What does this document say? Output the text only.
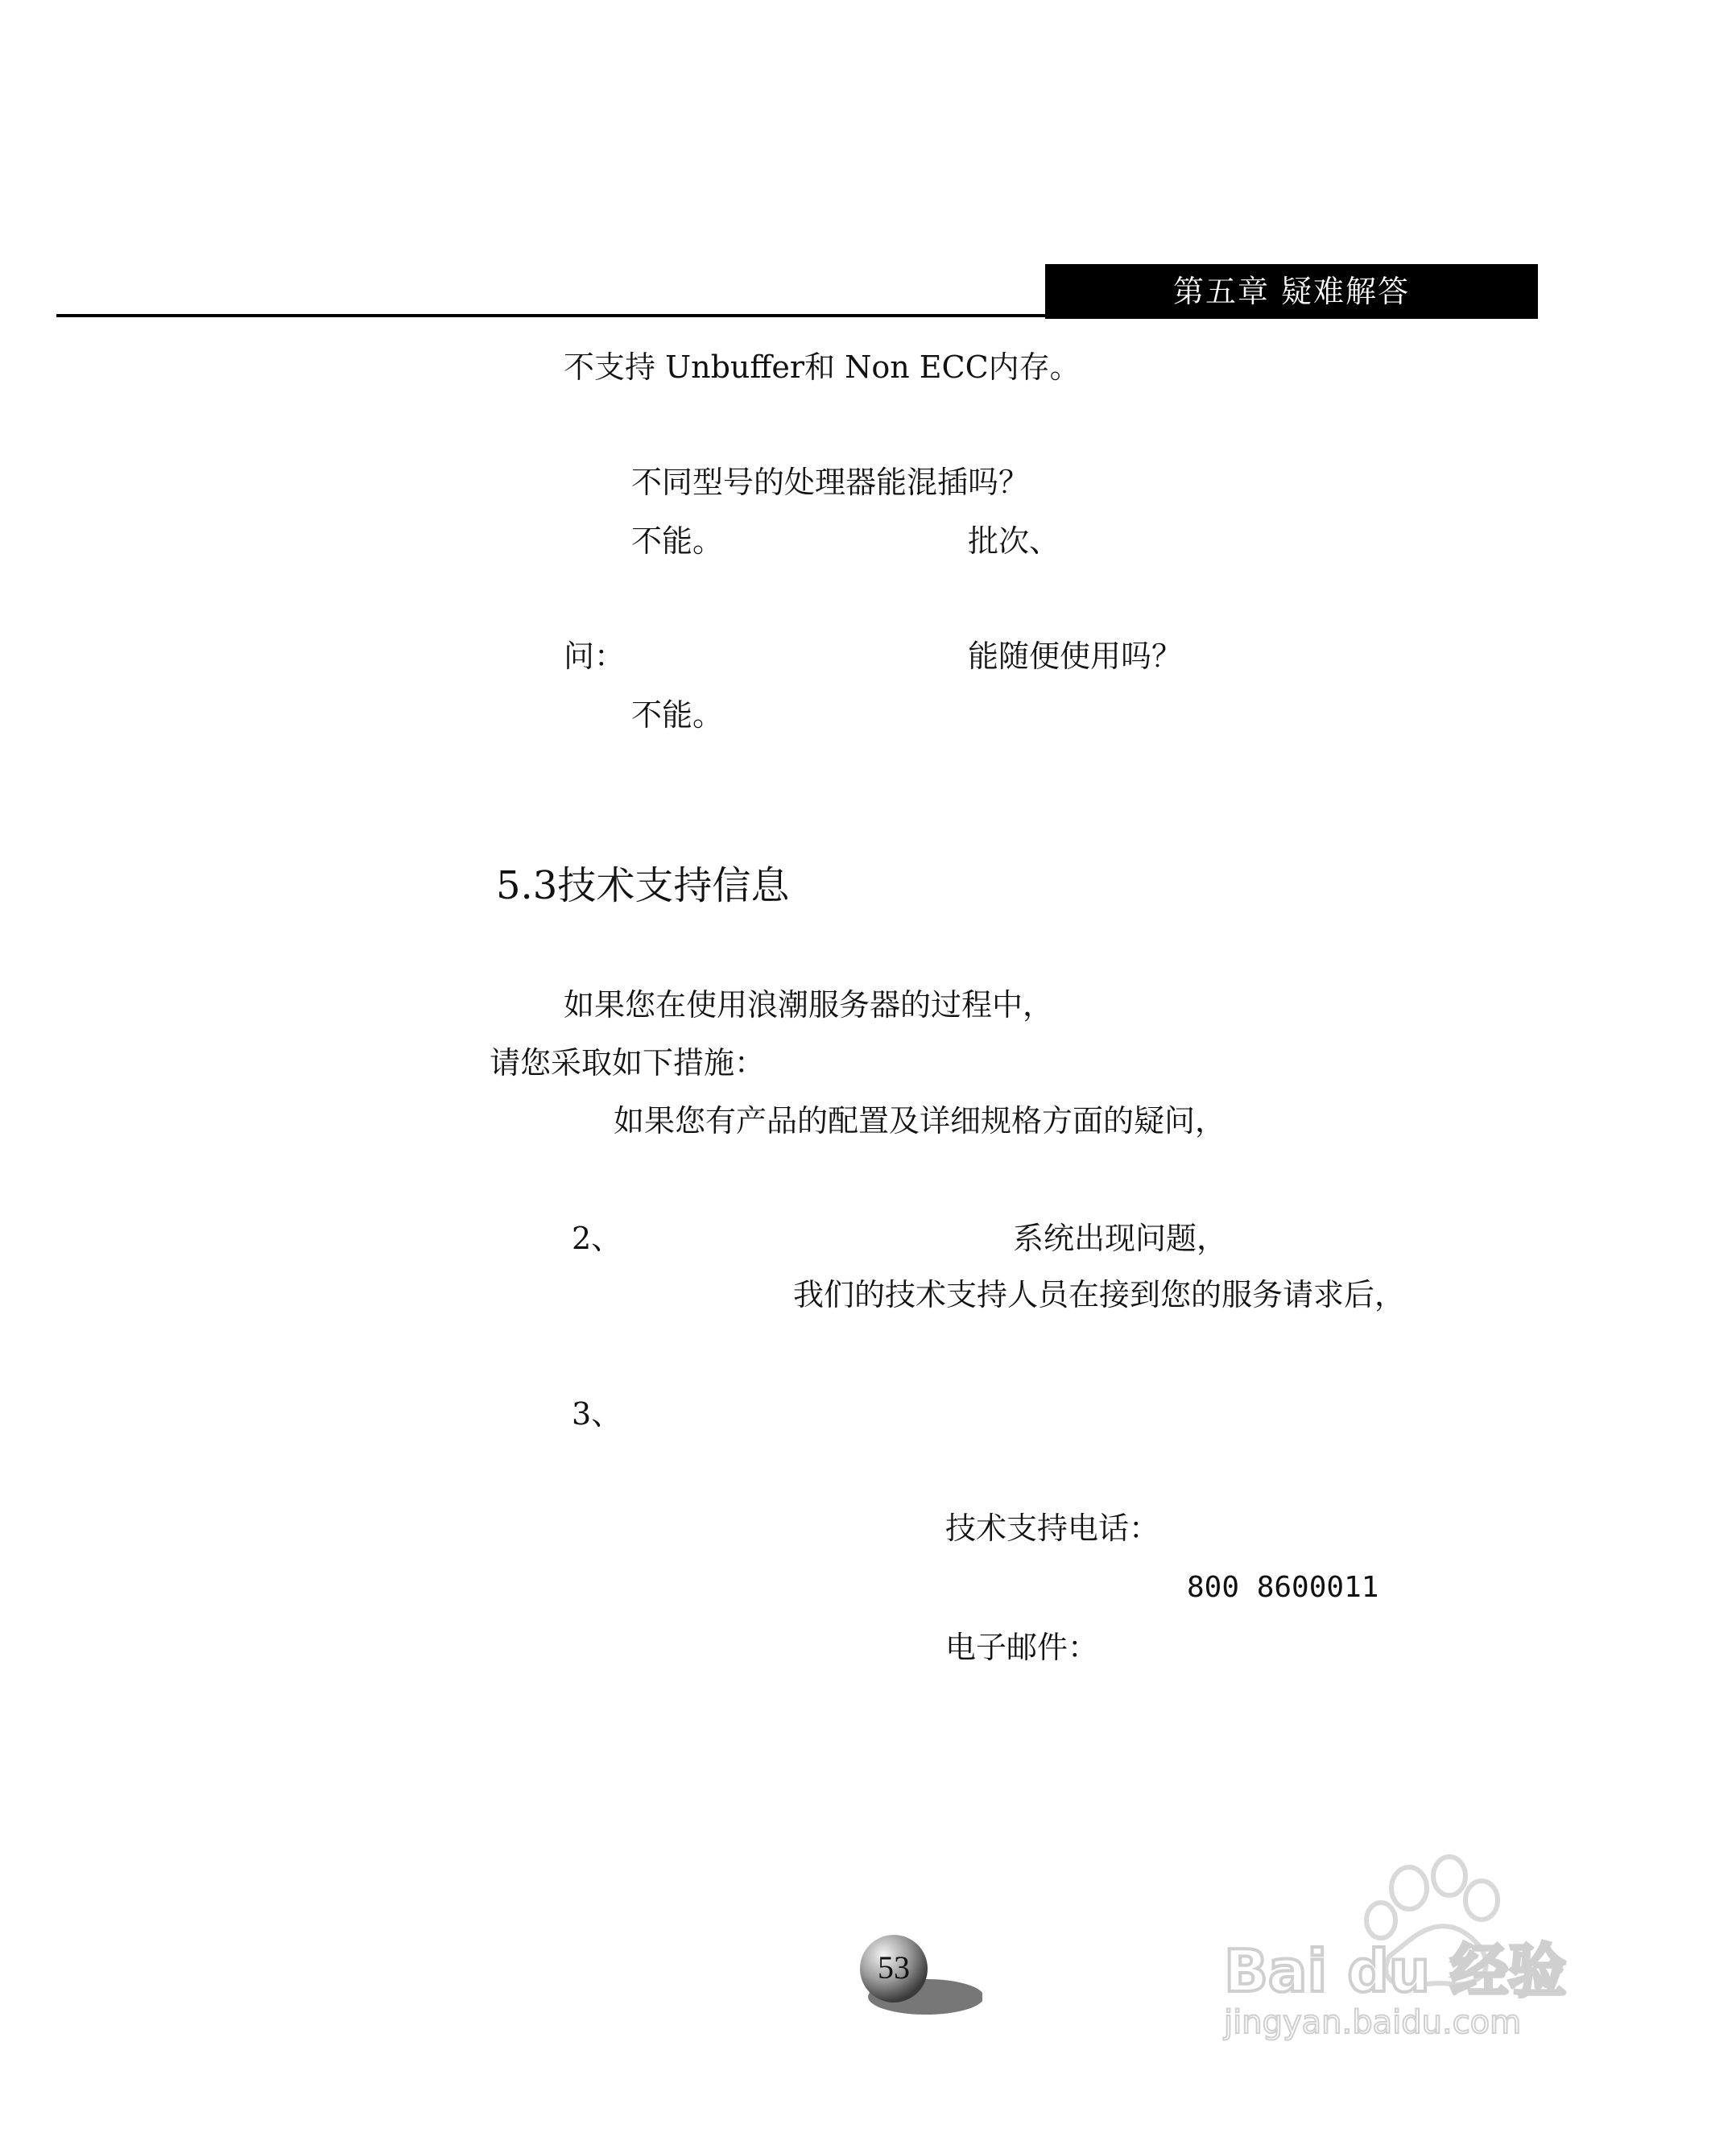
第五章 疑难解答
不支持 Unbuffer和 Non ECC内存。
不同型号的处理器能混插吗？
不能。	批次、
问：	能随便使用吗？
不能。
5.3技术支持信息
如果您在使用浪潮服务器的过程中，
请您采取如下措施：
如果您有产品的配置及详细规格方面的疑问，
2、	系统出现问题，
我们的技术支持人员在接到您的服务请求后，
3、
技术支持电话：
800 8600011
电子邮件：
53	Bai du 经验
jingyan.baidu.com
